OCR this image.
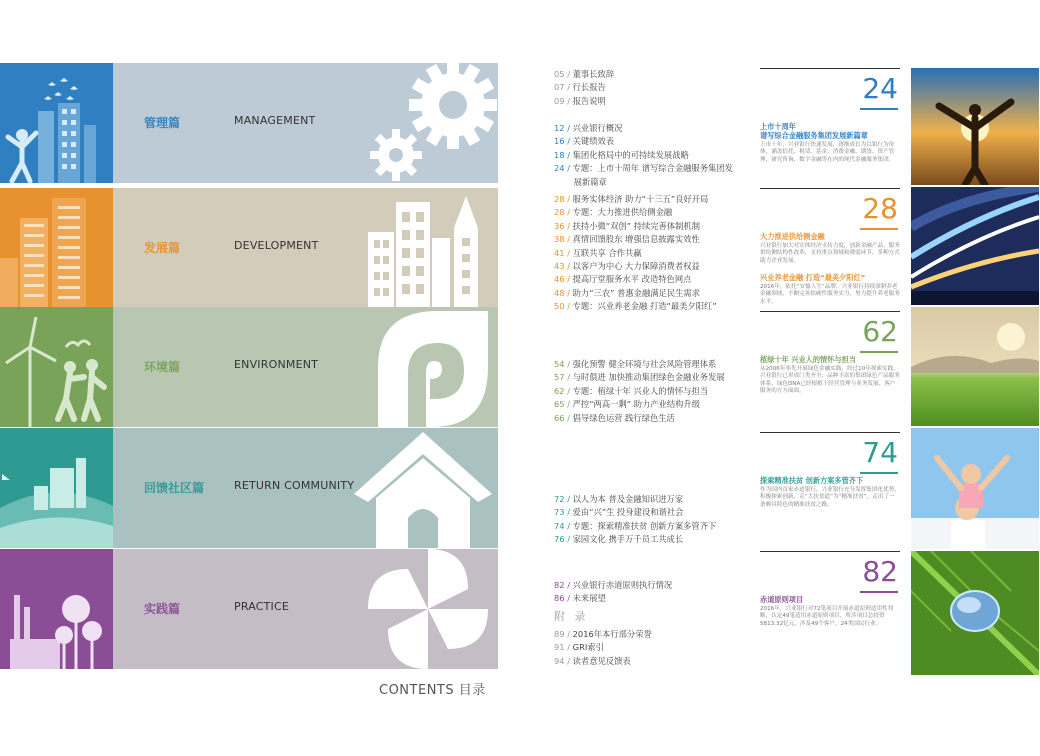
管理篇	MANAGEMENT
发展篇	DEVELOPMENT
环境篇	ENVIRONMENT
回馈社区篇	RETURN COMMUNITY
实践篇	PRACTICE
CONTENTS 目录
05 / 董事长致辞
07 / 行长报告
09 / 报告说明
12 / 兴业银行概况
16 / 关键绩效表
18 / 集团化格局中的可持续发展战略
24 / 专题：上市十周年 谱写综合金融服务集团发
展新篇章
28 / 服务实体经济 助力“十三五”良好开局
28 / 专题：大力推进供给侧金融
36 / 扶持小微“双创” 持续完善体制机制
38 / 真情回馈股东 增强信息披露实效性
41 / 互联共享 合作共赢
43 / 以客户为中心 大力保障消费者权益
46 / 提高厅堂服务水平 改造特色网点
48 / 助力“三农” 普惠金融满足民生需求
50 / 专题：兴业养老金融 打造“最美夕阳红”
54 / 强化预警 健全环境与社会风险管理体系
57 / 与时俱进 加快推动集团绿色金融业务发展
62 / 专题：植绿十年 兴业人的情怀与担当
65 / 严控“两高一剩” 助力产业结构升级
66 / 倡导绿色运营 践行绿色生活
72 / 以人为本 普及金融知识进万家
73 / 爱由“兴”生 投身建设和谐社会
74 / 专题：探索精准扶贫 创新方案多管齐下
76 / 家园文化 携手万千员工共成长
82 / 兴业银行赤道原则执行情况
86 / 未来展望
附 录
89 / 2016年本行部分荣誉
91 / GRI索引
94 / 读者意见反馈表
24
上市十周年
谱写综合金融服务集团发展新篇章
上市十年，兴业银行快速发展，逐渐成长为以银行为母体，涵盖信托、租赁、基金、消费金融、期货、资产管理、研究咨询、数字金融等在内的现代金融服务集团。
28
大力推进供给侧金融
兴业银行加大对实体经济支持力度，创新金融产品，服务供给侧结构性改革，支持重点领域和薄弱环节，多种方式助力企业发展。
兴业养老金融 打造“最美夕阳红”
2016年，依托“安愉人生”品牌，兴业银行持续深耕养老金融领域，不断完善软硬件服务实力，努力提升养老服务水平。
62
植绿十年 兴业人的情怀与担当
从2006年率先开展绿色金融实践，经过10年探索实践，兴业银行已形成门类齐全、品种丰富的集团绿色产品服务体系，绿色DNA已经根植于经营管理与业务发展、客户服务的方方面面。
74
探索精准扶贫 创新方案多管齐下
作为国内首家赤道银行，兴业银行充分发挥集团化优势，积极探索创新，走“大扶贫道”为“精准扶贫”，走出了一条颇具特色的精准扶贫之路。
82
赤道原则项目
2016年，兴业银行对72笔项目开展赤道原则适用性判断，认定49笔适用赤道原则项目，所涉项目总投资5813.32亿元，涉及49个客户，24类国民行业。
